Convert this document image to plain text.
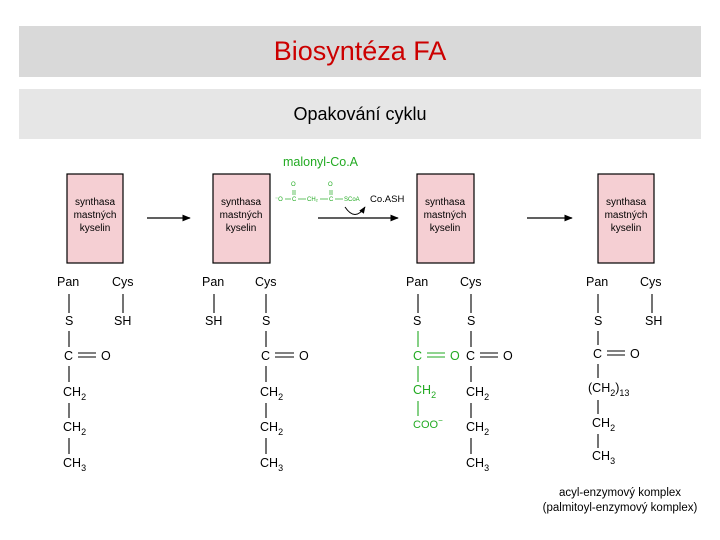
Biosyntéza FA
Opakování cyklu
malonyl-Co.A
synthasa
mastných
kyselin
synthasa
mastných
kyselin
synthasa
mastných
kyselin
synthasa
mastných
kyselin
Co.ASH
⁻O C
O
CH₂ C
O
SCoA
Pan	Cys
S	SH
C O
$CH_2$
$CH_2$
$CH_3$
Pan Cys
SH	S
C O
$CH_2$
$CH_2$
$CH_3$
Pan	Cys
S	S
C O
$CH_2$
COO−
C O
$CH_2$
$CH_2$
$CH_3$
Pan	Cys
S	SH
C O
$(CH_2)_{13}$
$CH_2$
$CH_3$
acyl-enzymový komplex
(palmitoyl-enzymový komplex)
